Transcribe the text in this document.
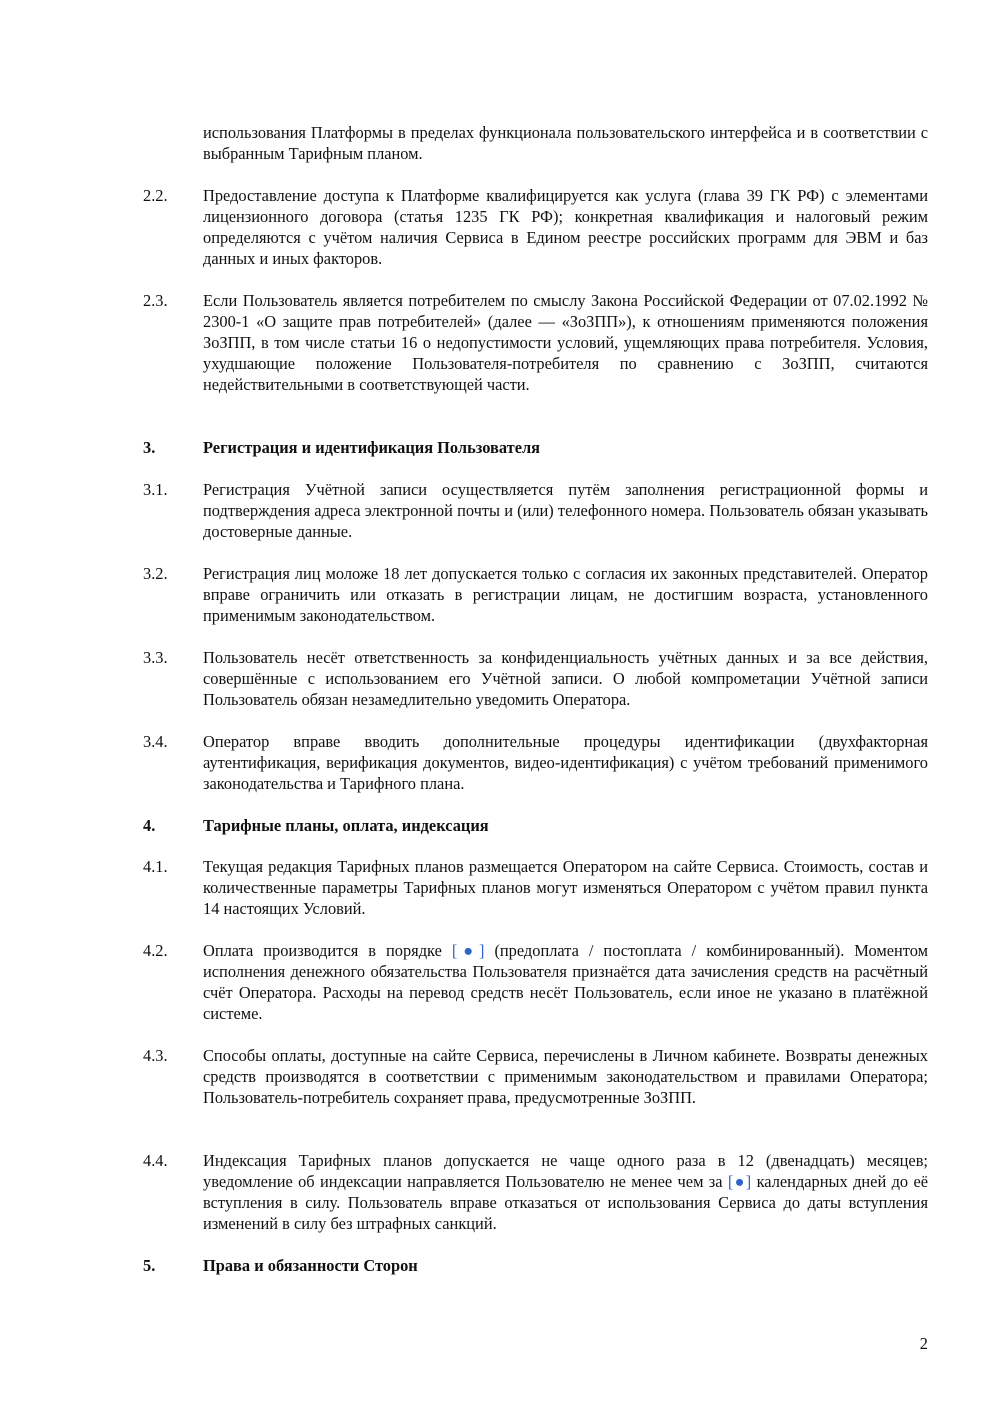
использования Платформы в пределах функционала пользовательского интерфейса и в соответствии с выбранным Тарифным планом.
2.2.	Предоставление доступа к Платформе квалифицируется как услуга (глава 39 ГК РФ) с элементами лицензионного договора (статья 1235 ГК РФ); конкретная квалификация и налоговый режим определяются с учётом наличия Сервиса в Едином реестре российских программ для ЭВМ и баз данных и иных факторов.
2.3.	Если Пользователь является потребителем по смыслу Закона Российской Федерации от 07.02.1992 № 2300-1 «О защите прав потребителей» (далее — «ЗоЗПП»), к отношениям применяются положения ЗоЗПП, в том числе статьи 16 о недопустимости условий, ущемляющих права потребителя. Условия, ухудшающие положение Пользователя-потребителя по сравнению с ЗоЗПП, считаются недействительными в соответствующей части.
3.	Регистрация и идентификация Пользователя
3.1.	Регистрация Учётной записи осуществляется путём заполнения регистрационной формы и подтверждения адреса электронной почты и (или) телефонного номера. Пользователь обязан указывать достоверные данные.
3.2.	Регистрация лиц моложе 18 лет допускается только с согласия их законных представителей. Оператор вправе ограничить или отказать в регистрации лицам, не достигшим возраста, установленного применимым законодательством.
3.3.	Пользователь несёт ответственность за конфиденциальность учётных данных и за все действия, совершённые с использованием его Учётной записи. О любой компрометации Учётной записи Пользователь обязан незамедлительно уведомить Оператора.
3.4.	Оператор вправе вводить дополнительные процедуры идентификации (двухфакторная аутентификация, верификация документов, видео-идентификация) с учётом требований применимого законодательства и Тарифного плана.
4.	Тарифные планы, оплата, индексация
4.1.	Текущая редакция Тарифных планов размещается Оператором на сайте Сервиса. Стоимость, состав и количественные параметры Тарифных планов могут изменяться Оператором с учётом правил пункта 14 настоящих Условий.
4.2.	Оплата производится в порядке [●] (предоплата / постоплата / комбинированный). Моментом исполнения денежного обязательства Пользователя признаётся дата зачисления средств на расчётный счёт Оператора. Расходы на перевод средств несёт Пользователь, если иное не указано в платёжной системе.
4.3.	Способы оплаты, доступные на сайте Сервиса, перечислены в Личном кабинете. Возвраты денежных средств производятся в соответствии с применимым законодательством и правилами Оператора; Пользователь-потребитель сохраняет права, предусмотренные ЗоЗПП.
4.4.	Индексация Тарифных планов допускается не чаще одного раза в 12 (двенадцать) месяцев; уведомление об индексации направляется Пользователю не менее чем за [●] календарных дней до её вступления в силу. Пользователь вправе отказаться от использования Сервиса до даты вступления изменений в силу без штрафных санкций.
5.	Права и обязанности Сторон
2
